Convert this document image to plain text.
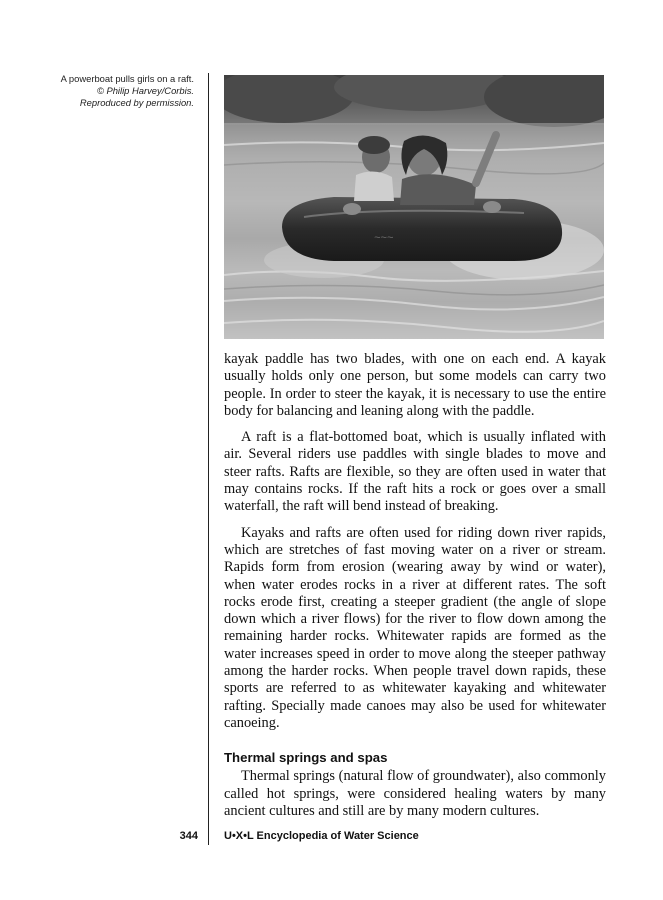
A powerboat pulls girls on a raft.
© Philip Harvey/Corbis.
Reproduced by permission.
~~~

kayak paddle has two blades, with one on each end. A kayak usually holds only one person, but some models can carry two people. In order to steer the kayak, it is necessary to use the entire body for balancing and leaning along with the paddle.

A raft is a flat-bottomed boat, which is usually inflated with air. Several riders use paddles with single blades to move and steer rafts. Rafts are flexible, so they are often used in water that may contains rocks. If the raft hits a rock or goes over a small waterfall, the raft will bend instead of breaking.

Kayaks and rafts are often used for riding down river rapids, which are stretches of fast moving water on a river or stream. Rapids form from erosion (wearing away by wind or water), when water erodes rocks in a river at different rates. The soft rocks erode first, creating a steeper gradient (the angle of slope down which a river flows) for the river to flow down among the remaining harder rocks. Whitewater rapids are formed as the water increases speed in order to move along the steeper pathway among the harder rocks. When people travel down rapids, these sports are referred to as whitewater kayaking and whitewater rafting. Specially made canoes may also be used for whitewater canoeing.

Thermal springs and spas

Thermal springs (natural flow of groundwater), also commonly called hot springs, were considered healing waters by many ancient cultures and still are by many modern cultures.

344 U•X•L Encyclopedia of Water Science
